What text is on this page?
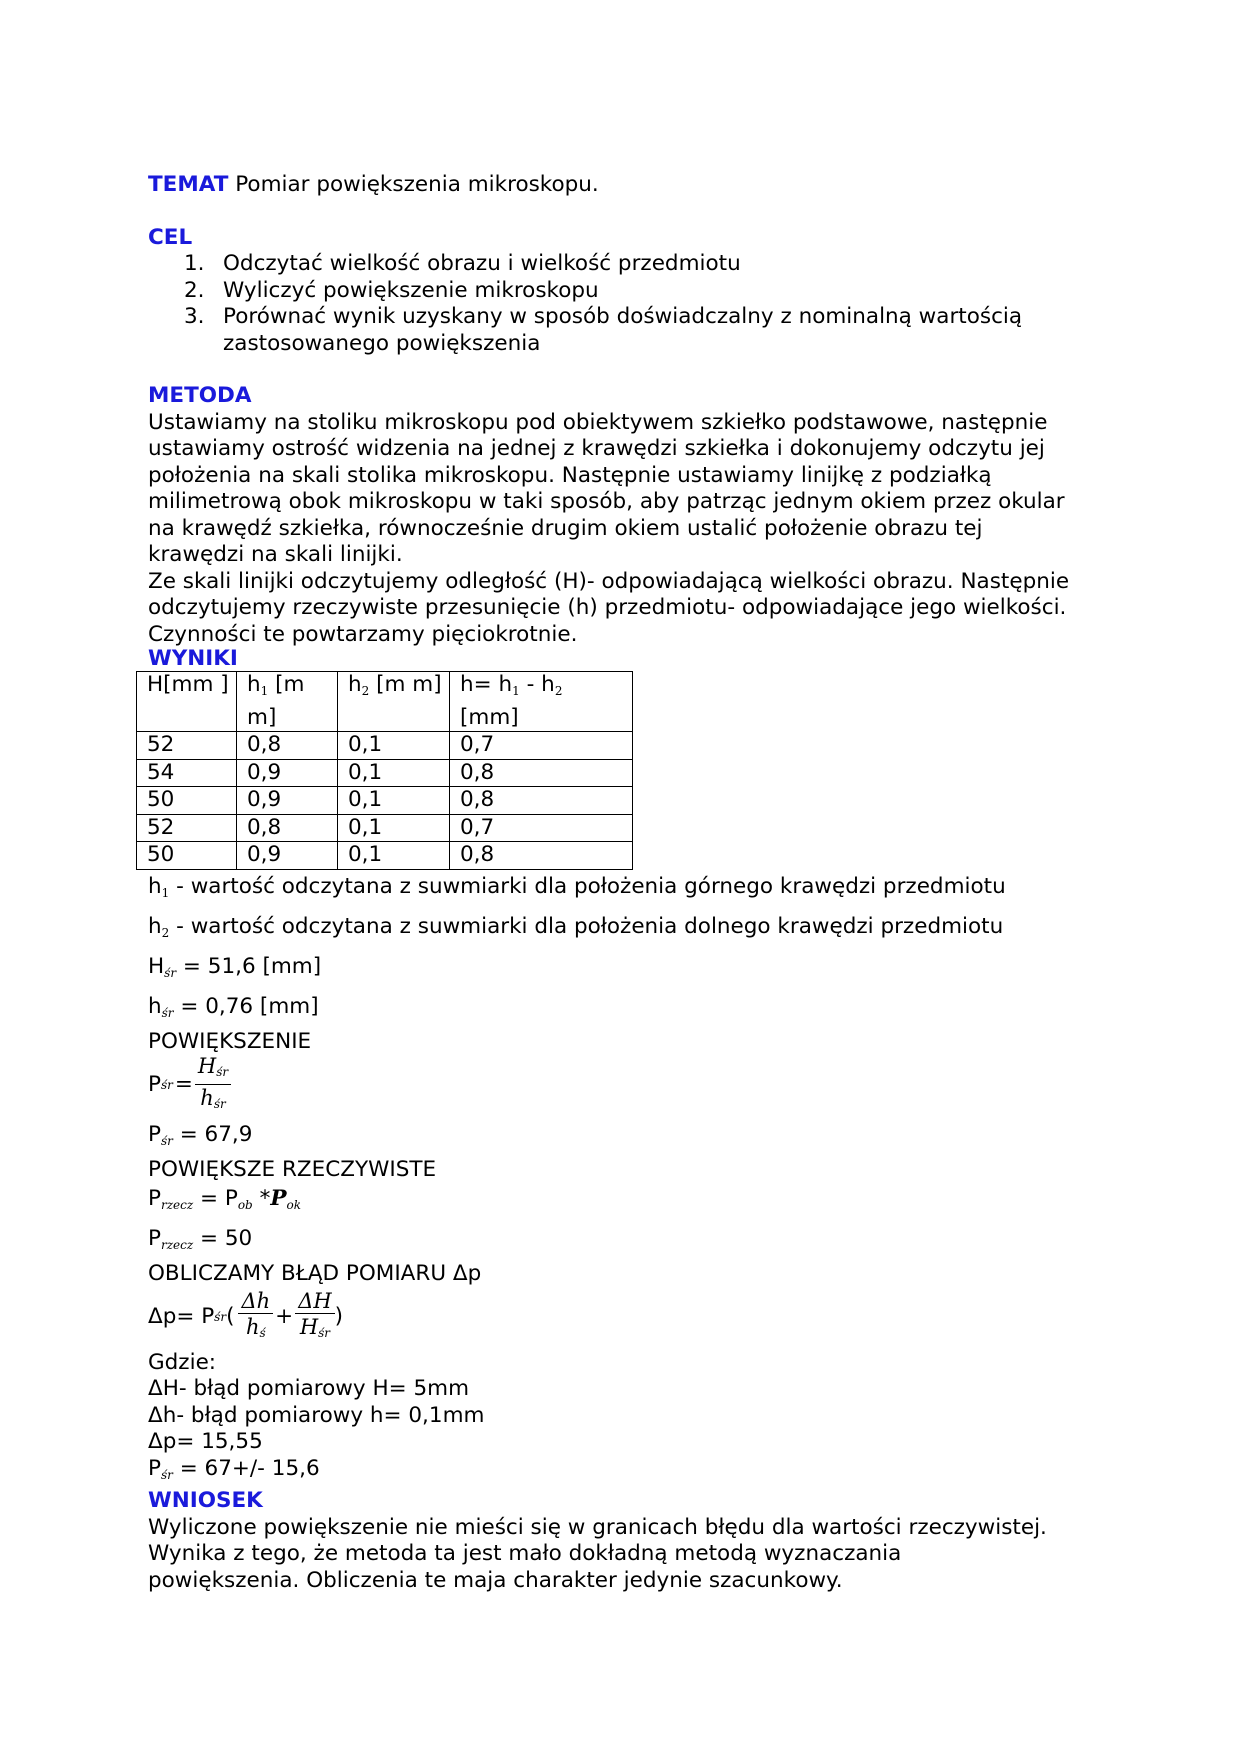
TEMAT Pomiar powiększenia mikroskopu.

CEL

1. Odczytać wielkość obrazu i wielkość przedmiotu
2. Wyliczyć powiększenie mikroskopu
3. Porównać wynik uzyskany w sposób doświadczalny z nominalną wartością zastosowanego powiększenia

METODA

Ustawiamy na stoliku mikroskopu pod obiektywem szkiełko podstawowe, następnie ustawiamy ostrość widzenia na jednej z krawędzi szkiełka i dokonujemy odczytu jej położenia na skali stolika mikroskopu. Następnie ustawiamy linijkę z podziałką milimetrową obok mikroskopu w taki sposób, aby patrząc jednym okiem przez okular na krawędź szkiełka, równocześnie drugim okiem ustalić położenie obrazu tej krawędzi na skali linijki.

Ze skali linijki odczytujemy odległość (H)- odpowiadającą wielkości obrazu. Następnie odczytujemy rzeczywiste przesunięcie (h) przedmiotu- odpowiadające jego wielkości. Czynności te powtarzamy pięciokrotnie.

WYNIKI

H[mm ]	$h_1$ [m m]	$h_2$ [m m]	$h= h_1 - h_2$
[mm]
52	0,8	0,1	0,7
54	0,9	0,1	0,8
50	0,9	0,1	0,8
52	0,8	0,1	0,7
50	0,9	0,1	0,8

$h_1$ - wartość odczytana z suwmiarki dla położenia górnego krawędzi przedmiotu

$h_2$ - wartość odczytana z suwmiarki dla położenia dolnego krawędzi przedmiotu

$H_{śr} = 51,6$ [mm]

$h_{śr} = 0,76$ [mm]

POWIĘKSZENIE

P śr = $\frac{H_{śr}}{h_{śr}}$

$P_{śr} = 67,9$

POWIĘKSZE RZECZYWISTE

$P_{rzecz} = P_{ob}$ $*P_{ok}$

$P_{rzecz} = 50$

OBLICZAMY BŁĄD POMIARU Δp

Δp= P śr ( $\frac{\Delta h}{h_ś} + \frac{\Delta H}{H_{śr}}$ )

Gdzie:

ΔH- błąd pomiarowy H= 5mm

Δh- błąd pomiarowy h= 0,1mm

Δp= 15,55

$P_{śr} = 67+/-$ 15,6

WNIOSEK

Wyliczone powiększenie nie mieści się w granicach błędu dla wartości rzeczywistej. Wynika z tego, że metoda ta jest mało dokładną metodą wyznaczania powiększenia. Obliczenia te maja charakter jedynie szacunkowy.
